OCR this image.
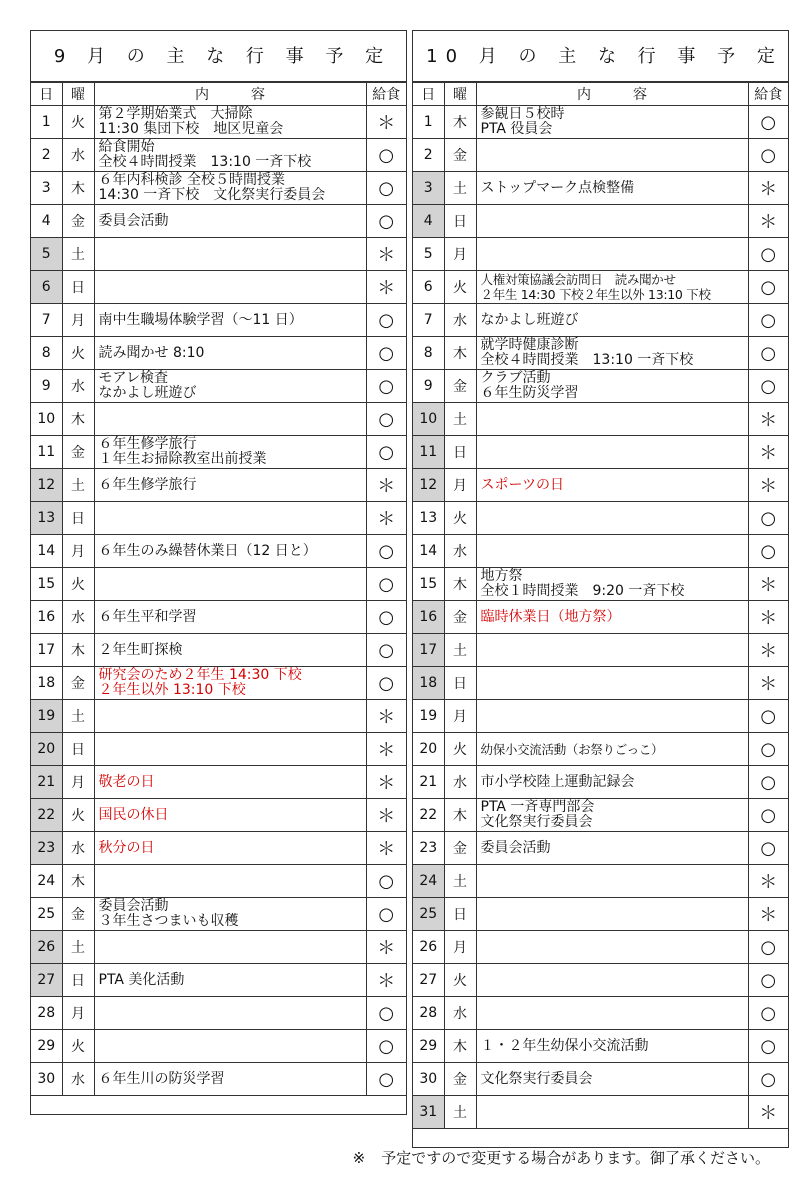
9 月 の 主 な 行 事 予 定
日	曜	内　　　容	給食
1	火	第２学期始業式　大掃除
11:30 集団下校　地区児童会	＊
2	水	給食開始
全校４時間授業　13:10 一斉下校	○
3	木	６年内科検診 全校５時間授業
14:30 一斉下校　文化祭実行委員会	○
4	金	委員会活動	○
5	土		＊
6	日		＊
7	月	南中生職場体験学習（～11 日）	○
8	火	読み聞かせ 8:10	○
9	水	モアレ検査
なかよし班遊び	○
10	木		○
11	金	６年生修学旅行
１年生お掃除教室出前授業	○
12	土	６年生修学旅行	＊
13	日		＊
14	月	６年生のみ繰替休業日（12 日と）	○
15	火		○
16	水	６年生平和学習	○
17	木	２年生町探検	○
18	金	研究会のため２年生 14:30 下校
２年生以外 13:10 下校	○
19	土		＊
20	日		＊
21	月	敬老の日	＊
22	火	国民の休日	＊
23	水	秋分の日	＊
24	木		○
25	金	委員会活動
３年生さつまいも収穫	○
26	土		＊
27	日	PTA 美化活動	＊
28	月		○
29	火		○
30	水	６年生川の防災学習	○
10 月 の 主 な 行 事 予 定
日	曜	内　　　容	給食
1	木	参観日５校時
PTA 役員会	○
2	金		○
3	土	ストップマーク点検整備	＊
4	日		＊
5	月		○
6	火	人権対策協議会訪問日　読み聞かせ
２年生 14:30 下校２年生以外 13:10 下校	○
7	水	なかよし班遊び	○
8	木	就学時健康診断
全校４時間授業　13:10 一斉下校	○
9	金	クラブ活動
６年生防災学習	○
10	土		＊
11	日		＊
12	月	スポーツの日	＊
13	火		○
14	水		○
15	木	地方祭
全校１時間授業　9:20 一斉下校	＊
16	金	臨時休業日（地方祭）	＊
17	土		＊
18	日		＊
19	月		○
20	火	幼保小交流活動（お祭りごっこ）	○
21	水	市小学校陸上運動記録会	○
22	木	PTA 一斉専門部会
文化祭実行委員会	○
23	金	委員会活動	○
24	土		＊
25	日		＊
26	月		○
27	火		○
28	水		○
29	木	１・２年生幼保小交流活動	○
30	金	文化祭実行委員会	○
31	土		＊
※ 予定ですので変更する場合があります。御了承ください。
